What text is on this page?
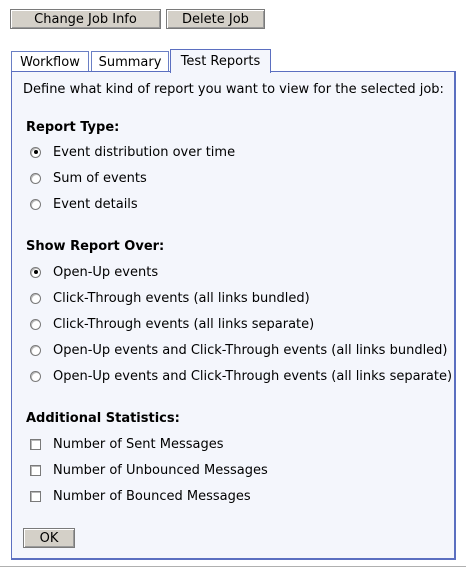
Change Job Info	Delete Job
Workflow	Summary	Test Reports
Define what kind of report you want to view for the selected job:
Report Type:
Event distribution over time
Sum of events
Event details
Show Report Over:
Open-Up events
Click-Through events (all links bundled)
Click-Through events (all links separate)
Open-Up events and Click-Through events (all links bundled)
Open-Up events and Click-Through events (all links separate)
Additional Statistics:
Number of Sent Messages
Number of Unbounced Messages
Number of Bounced Messages
OK
